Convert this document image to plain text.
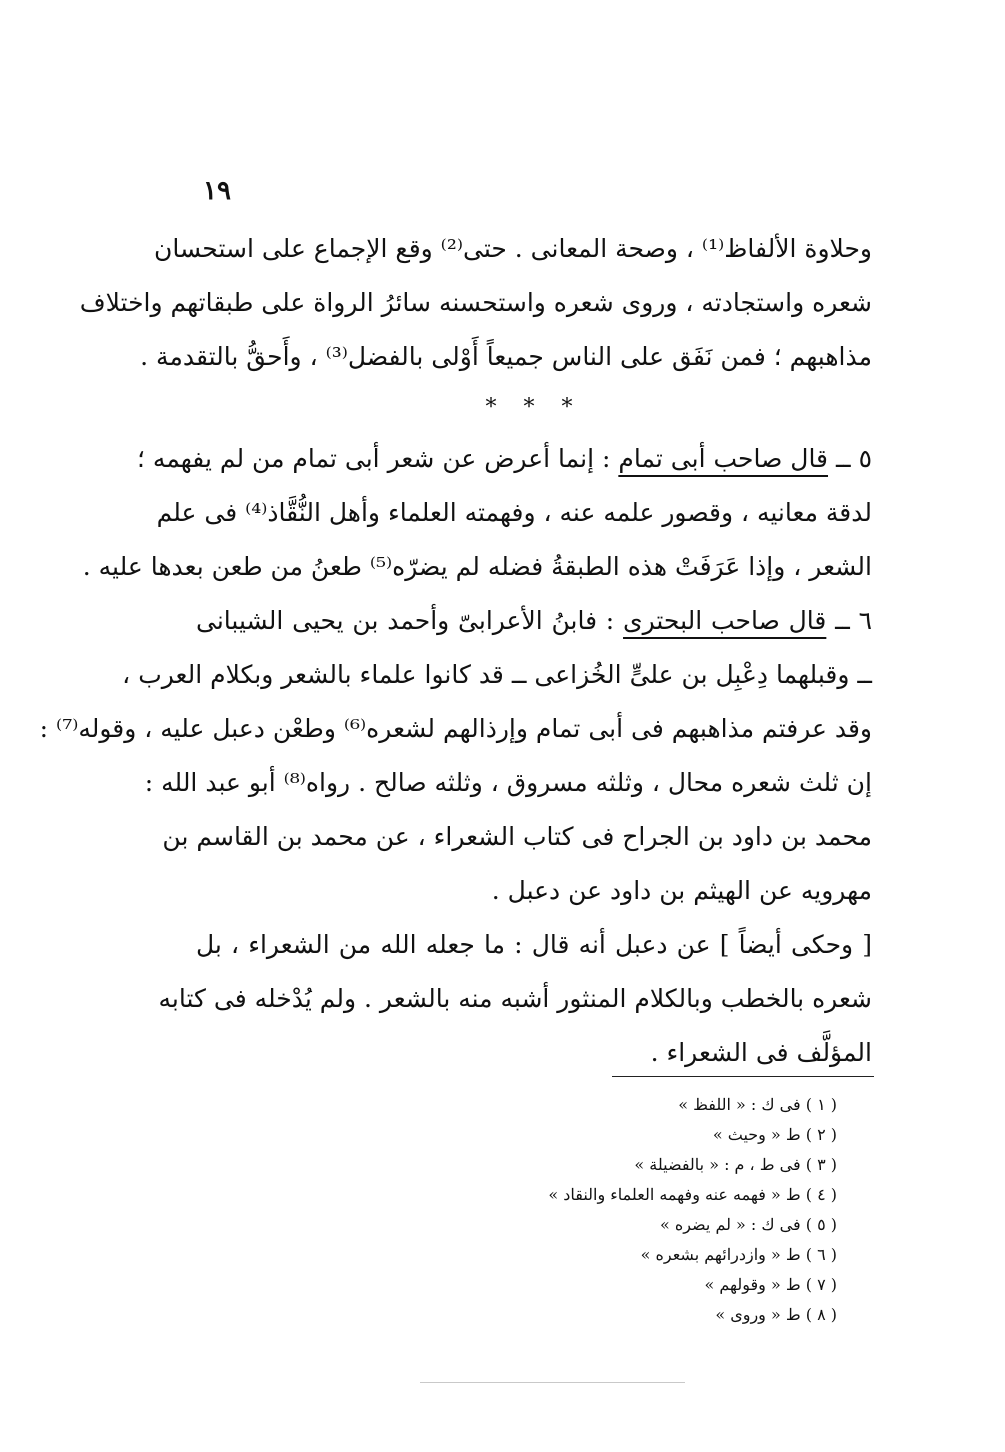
١٩
وحلاوة الألفاظ⁽¹⁾ ، وصحة المعانى . حتى⁽²⁾ وقع الإجماع على استحسان
شعره واستجادته ، وروى شعره واستحسنه سائرُ الرواة على طبقاتهم واختلاف
مذاهبهم ؛ فمن نَفَق على الناس جميعاً أَوْلى بالفضل⁽³⁾ ، وأَحقُّ بالتقدمة .
* * *
٥ ــ قال صاحب أبى تمام : إنما أعرض عن شعر أبى تمام من لم يفهمه ؛
لدقة معانيه ، وقصور علمه عنه ، وفهمته العلماء وأهل النُّقَّاذ⁽⁴⁾ فى علم
الشعر ، وإذا عَرَفَتْ هذه الطبقةُ فضله لم يضرّه⁽⁵⁾ طعنُ من طعن بعدها عليه .
٦ ــ قال صاحب البحترى : فابنُ الأعرابىّ وأحمد بن يحيى الشيبانى
ــ وقبلهما دِعْبِل بن علىٍّ الخُزاعى ــ قد كانوا علماء بالشعر وبكلام العرب ،
وقد عرفتم مذاهبهم فى أبى تمام وإرذالهم لشعره⁽⁶⁾ وطعْن دعبل عليه ، وقوله⁽⁷⁾ :
إن ثلث شعره محال ، وثلثه مسروق ، وثلثه صالح . رواه⁽⁸⁾ أبو عبد الله :
محمد بن داود بن الجراح فى كتاب الشعراء ، عن محمد بن القاسم بن
مهرويه عن الهيثم بن داود عن دعبل .
[ وحكى أيضاً ] عن دعبل أنه قال : ما جعله الله من الشعراء ، بل
شعره بالخطب وبالكلام المنثور أشبه منه بالشعر . ولم يُدْخله فى كتابه
المؤلَّف فى الشعراء .
( ١ ) فى ك : « اللفظ »
( ٢ ) ط « وحيث »
( ٣ ) فى ط ، م : « بالفضيلة »
( ٤ ) ط « فهمه عنه وفهمه العلماء والنقاد »
( ٥ ) فى ك : « لم يضره »
( ٦ ) ط « وازدرائهم بشعره »
( ٧ ) ط « وقولهم »
( ٨ ) ط « وروى »
